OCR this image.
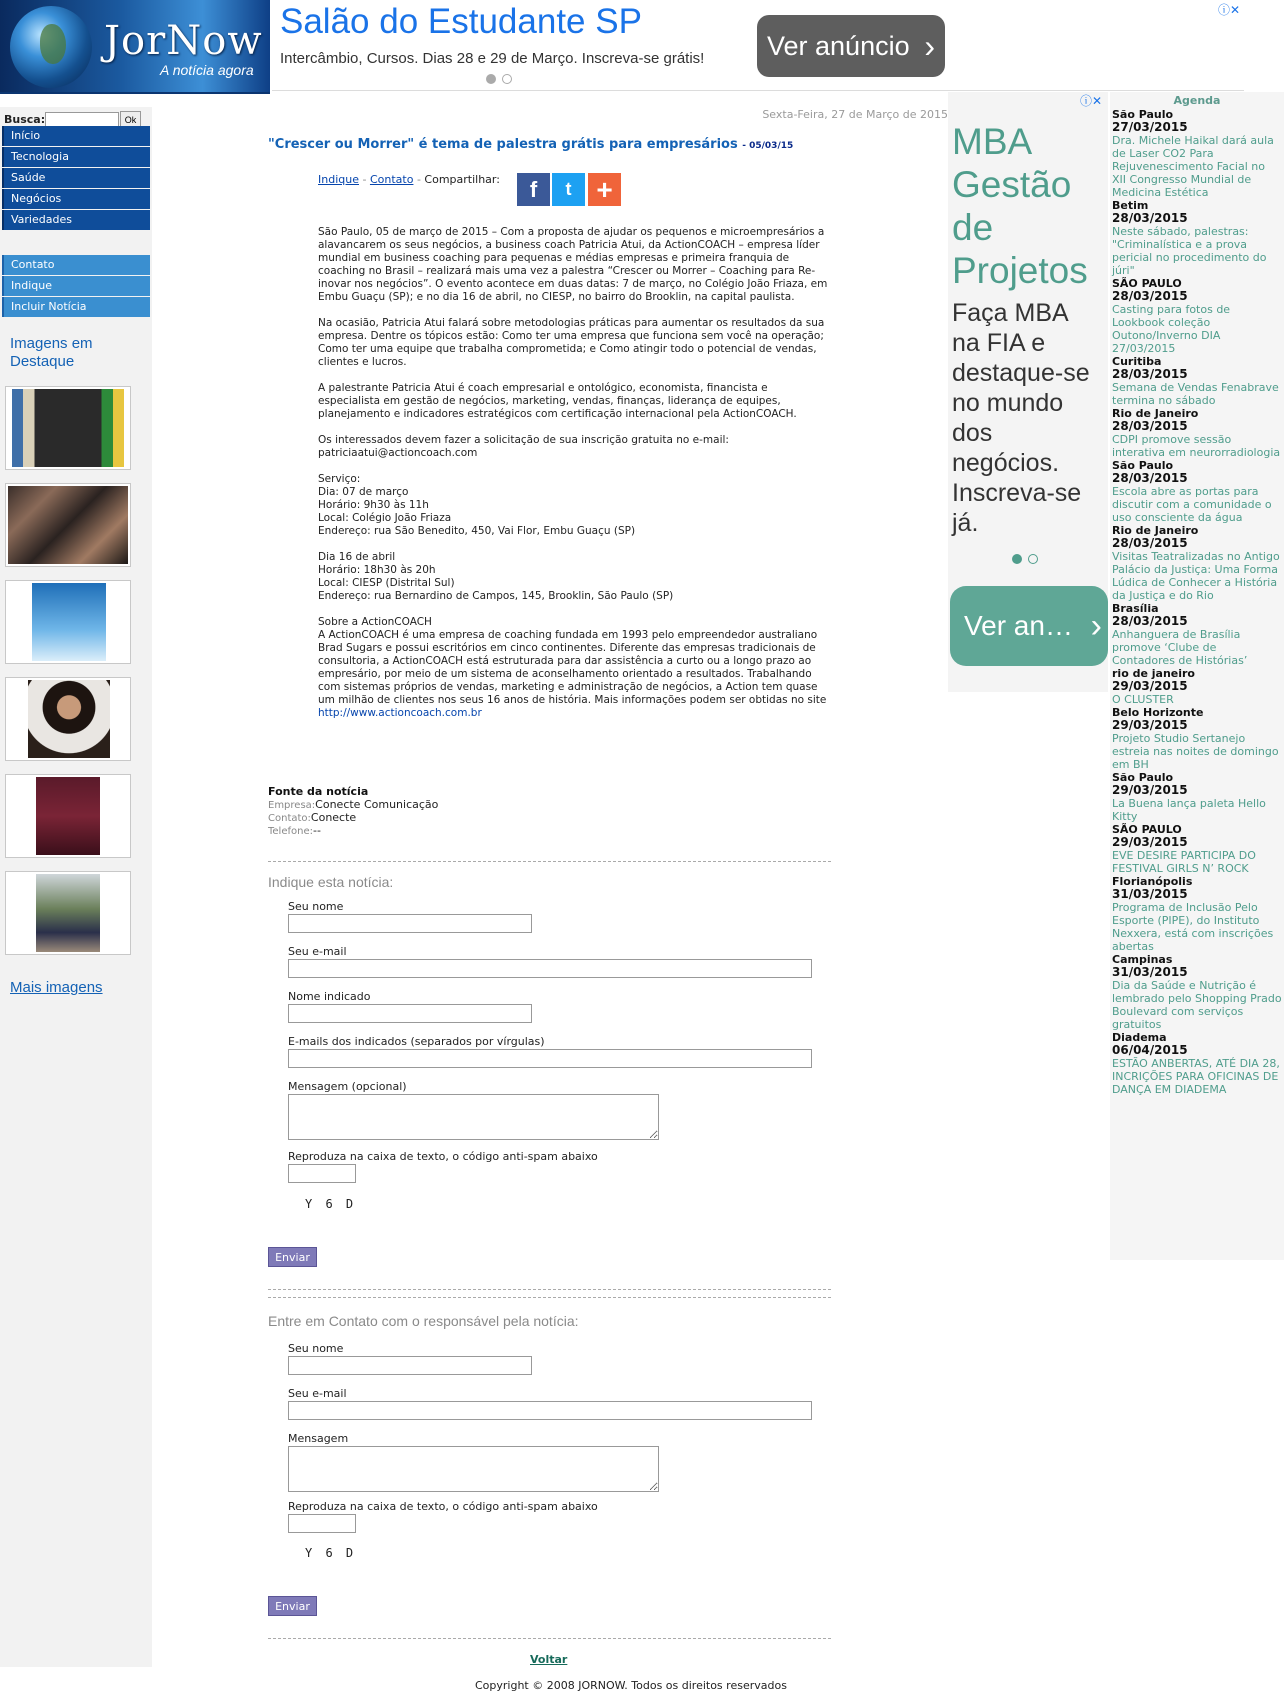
JorNow
A notícia agora
Salão do Estudante SP
Intercâmbio, Cursos. Dias 28 e 29 de Março. Inscreva-se grátis!	Ver anúncio ›
ⓘ✕
Busca:	Ok
Início
Tecnologia
Saúde
Negócios
Variedades
Contato
Indique
Incluir Notícia
Imagens em Destaque
Mais imagens
Sexta-Feira, 27 de Março de 2015
"Crescer ou Morrer" é tema de palestra grátis para empresários - 05/03/15
Indique - Contato - Compartilhar:	f	t +

São Paulo, 05 de março de 2015 – Com a proposta de ajudar os pequenos e microempresários a alavancarem os seus negócios, a business coach Patricia Atui, da ActionCOACH – empresa líder mundial em business coaching para pequenas e médias empresas e primeira franquia de coaching no Brasil – realizará mais uma vez a palestra “Crescer ou Morrer – Coaching para Re-inovar nos negócios”. O evento acontece em duas datas: 7 de março, no Colégio João Friaza, em Embu Guaçu (SP); e no dia 16 de abril, no CIESP, no bairro do Brooklin, na capital paulista.

Na ocasião, Patricia Atui falará sobre metodologias práticas para aumentar os resultados da sua empresa. Dentre os tópicos estão: Como ter uma empresa que funciona sem você na operação; Como ter uma equipe que trabalha comprometida; e Como atingir todo o potencial de vendas, clientes e lucros.

A palestrante Patricia Atui é coach empresarial e ontológico, economista, financista e especialista em gestão de negócios, marketing, vendas, finanças, liderança de equipes, planejamento e indicadores estratégicos com certificação internacional pela ActionCOACH.

Os interessados devem fazer a solicitação de sua inscrição gratuita no e-mail: patriciaatui@actioncoach.com

Serviço:
Dia: 07 de março
Horário: 9h30 às 11h
Local: Colégio João Friaza
Endereço: rua São Benedito, 450, Vai Flor, Embu Guaçu (SP)

Dia 16 de abril
Horário: 18h30 às 20h
Local: CIESP (Distrital Sul)
Endereço: rua Bernardino de Campos, 145, Brooklin, São Paulo (SP)

Sobre a ActionCOACH
A ActionCOACH é uma empresa de coaching fundada em 1993 pelo empreendedor australiano Brad Sugars e possui escritórios em cinco continentes. Diferente das empresas tradicionais de consultoria, a ActionCOACH está estruturada para dar assistência a curto ou a longo prazo ao empresário, por meio de um sistema de aconselhamento orientado a resultados. Trabalhando com sistemas próprios de vendas, marketing e administração de negócios, a Action tem quase um milhão de clientes nos seus 16 anos de história. Mais informações podem ser obtidas no site
http://www.actioncoach.com.br

Fonte da notícia
Empresa:Conecte Comunicação
Contato:Conecte
Telefone:--
Indique esta notícia:
Seu nome
Seu e-mail
Nome indicado
E-mails dos indicados (separados por vírgulas)
Mensagem (opcional)
Reproduza na caixa de texto, o código anti-spam abaixo
Y 6 D
Enviar
Entre em Contato com o responsável pela notícia:
Seu nome
Seu e-mail
Mensagem
Reproduza na caixa de texto, o código anti-spam abaixo
Y 6 D
Enviar
Voltar
Copyright © 2008 JORNOW. Todos os direitos reservados
ⓘ✕
MBA Gestão de Projetos
Faça MBA na FIA e destaque-se no mundo dos negócios. Inscreva-se já.
Ver an… ›
Agenda
São Paulo
27/03/2015
Dra. Michele Haikal dará aula de Laser CO2 Para Rejuvenescimento Facial no XII Congresso Mundial de Medicina Estética
Betim
28/03/2015
Neste sábado, palestras: "Criminalística e a prova pericial no procedimento do júri"
SÃO PAULO
28/03/2015
Casting para fotos de Lookbook coleção Outono/Inverno DIA 27/03/2015
Curitiba
28/03/2015
Semana de Vendas Fenabrave termina no sábado
Rio de Janeiro
28/03/2015
CDPI promove sessão interativa em neurorradiologia
São Paulo
28/03/2015
Escola abre as portas para discutir com a comunidade o uso consciente da água
Rio de Janeiro
28/03/2015
Visitas Teatralizadas no Antigo Palácio da Justiça: Uma Forma Lúdica de Conhecer a História da Justiça e do Rio
Brasília
28/03/2015
Anhanguera de Brasília promove ‘Clube de Contadores de Histórias’
rio de janeiro
29/03/2015
O CLUSTER
Belo Horizonte
29/03/2015
Projeto Studio Sertanejo estreia nas noites de domingo em BH
São Paulo
29/03/2015
La Buena lança paleta Hello Kitty
SÃO PAULO
29/03/2015
EVE DESIRE PARTICIPA DO FESTIVAL GIRLS N’ ROCK
Florianópolis
31/03/2015
Programa de Inclusão Pelo Esporte (PIPE), do Instituto Nexxera, está com inscrições abertas
Campinas
31/03/2015
Dia da Saúde e Nutrição é lembrado pelo Shopping Prado Boulevard com serviços gratuitos
Diadema
06/04/2015
ESTÃO ANBERTAS, ATÉ DIA 28, INCRIÇÕES PARA OFICINAS DE DANÇA EM DIADEMA
